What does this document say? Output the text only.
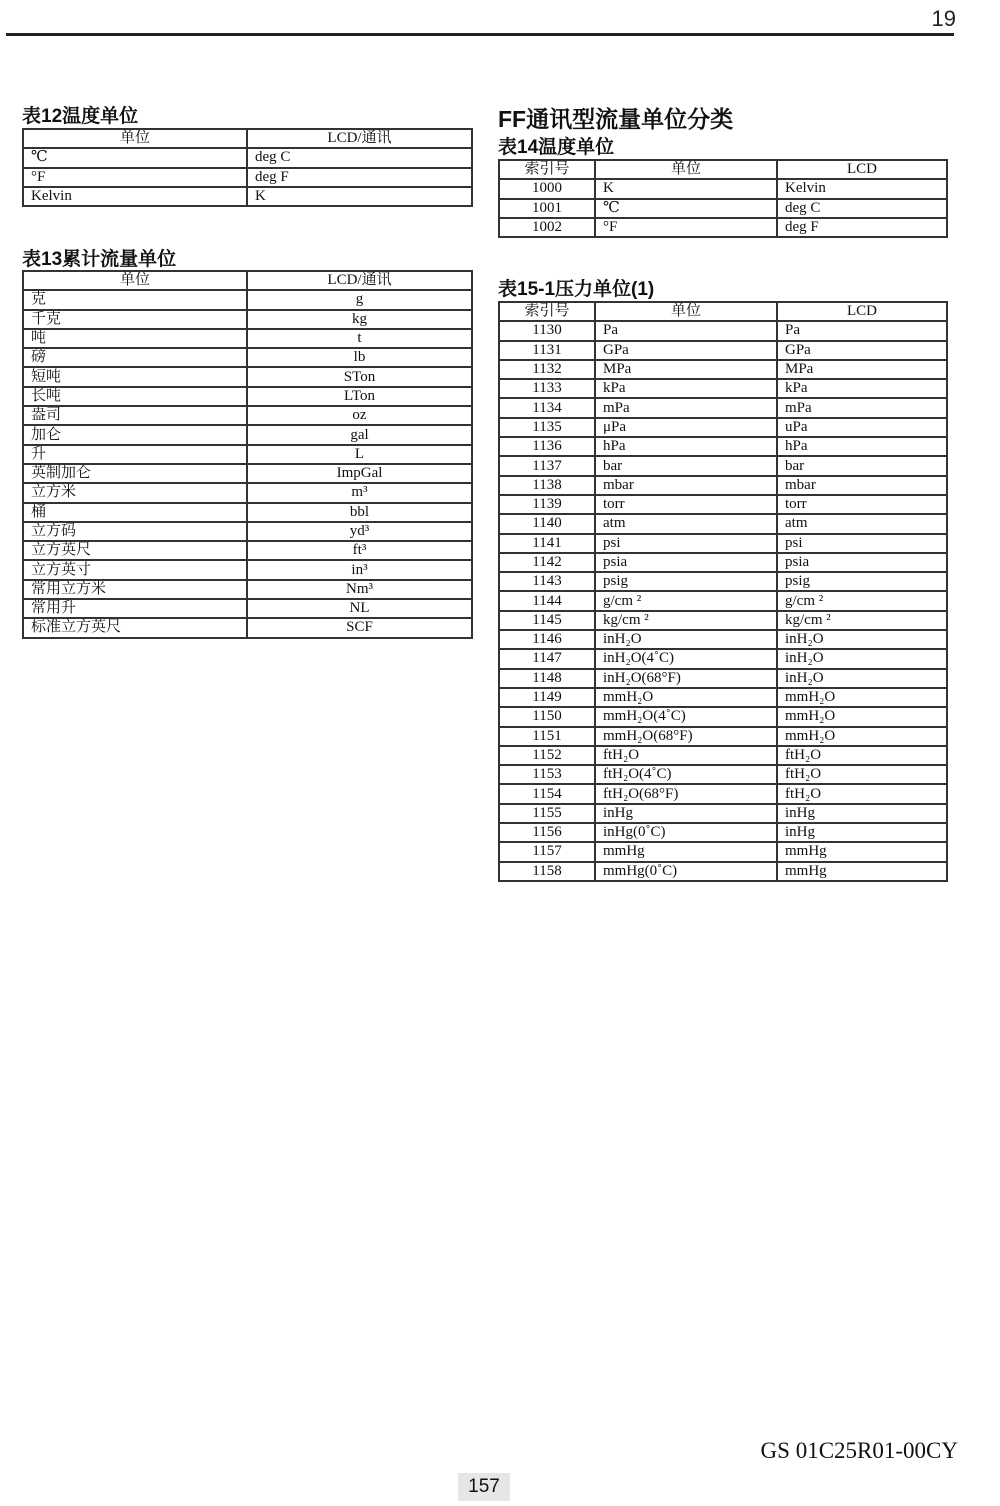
19
表12温度单位
单位	LCD/通讯
℃	deg C
°F	deg F
Kelvin	K
表13累计流量单位
单位	LCD/通讯
克	g
千克	kg
吨	t
磅	lb
短吨	STon
长吨	LTon
盎司	oz
加仑	gal
升	L
英制加仑	ImpGal
立方米	m³
桶	bbl
立方码	yd³
立方英尺	ft³
立方英寸	in³
常用立方米	Nm³
常用升	NL
标准立方英尺	SCF
FF通讯型流量单位分类
表14温度单位
索引号	单位	LCD
1000	K	Kelvin
1001	℃	deg C
1002	°F	deg F
表15-1压力单位(1)
索引号	单位	LCD
1130	Pa	Pa
1131	GPa	GPa
1132	MPa	MPa
1133	kPa	kPa
1134	mPa	mPa
1135	μPa	uPa
1136	hPa	hPa
1137	bar	bar
1138	mbar	mbar
1139	torr	torr
1140	atm	atm
1141	psi	psi
1142	psia	psia
1143	psig	psig
1144	g/cm ²	g/cm ²
1145	kg/cm ²	kg/cm ²
1146	inH₂O	inH₂O
1147	inH₂O(4˚C)	inH₂O
1148	inH₂O(68°F)	inH₂O
1149	mmH₂O	mmH₂O
1150	mmH₂O(4˚C)	mmH₂O
1151	mmH₂O(68°F)	mmH₂O
1152	ftH₂O	ftH₂O
1153	ftH₂O(4˚C)	ftH₂O
1154	ftH₂O(68°F)	ftH₂O
1155	inHg	inHg
1156	inHg(0˚C)	inHg
1157	mmHg	mmHg
1158	mmHg(0˚C)	mmHg
GS 01C25R01-00CY
157
